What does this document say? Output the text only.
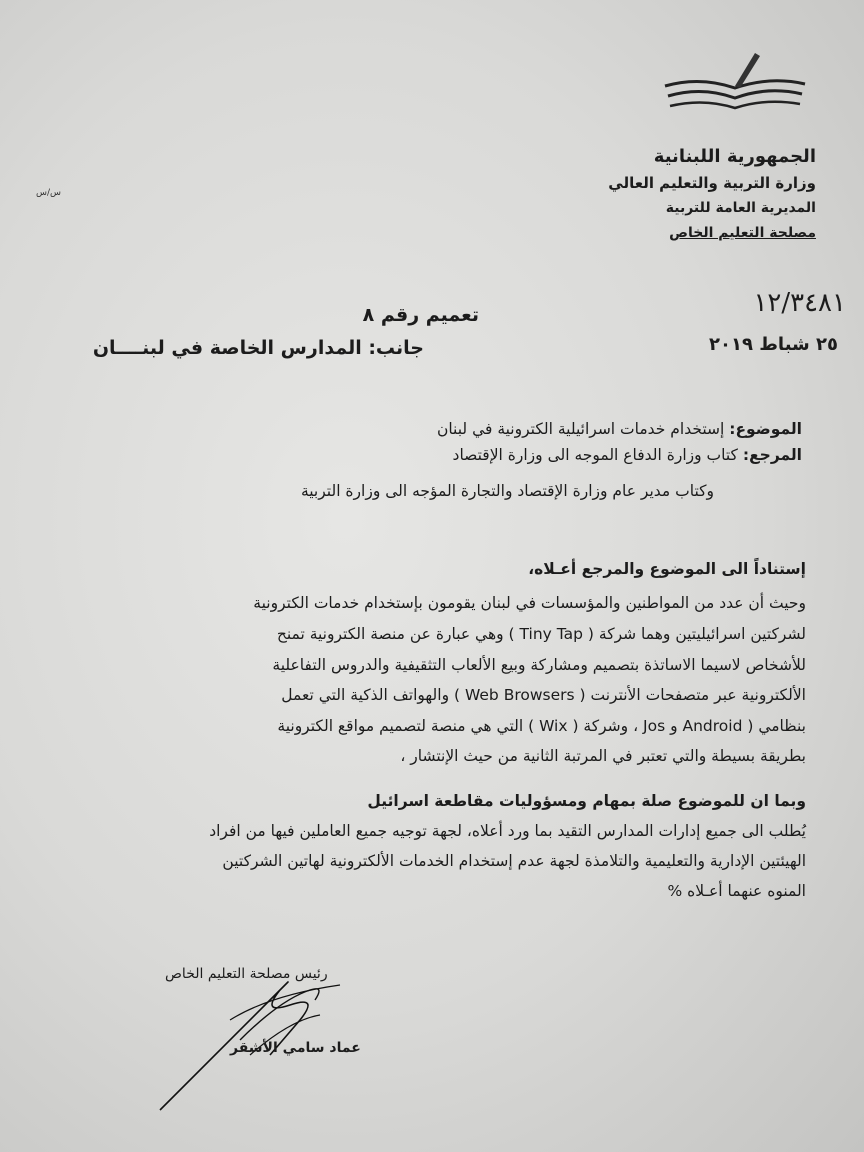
س/س
الجمهورية اللبنانية
وزارة التربية والتعليم العالي
المديرية العامة للتربية
مصلحة التعليم الخاص
١٢/٣٤٨١
٢٥ شباط ٢٠١٩
تعميم رقم ٨
جانب: المدارس الخاصة في لبنــــان
الموضوع: إستخدام خدمات اسرائيلية الكترونية في لبنان
المرجع: كتاب وزارة الدفاع الموجه الى وزارة الإقتصاد
وكتاب مدير عام وزارة الإقتصاد والتجارة المؤجه الى وزارة التربية
إستناداً الى الموضوع والمرجع أعـلاه،
وحيث أن عدد من المواطنين والمؤسسات في لبنان يقومون بإستخدام خدمات الكترونية
لشركتين اسرائيليتين وهما شركة ( Tiny Tap ) وهي عبارة عن منصة الكترونية تمنح
للأشخاص لاسيما الاساتذة بتصميم ومشاركة وبيع الألعاب التثقيفية والدروس التفاعلية
الألكترونية عبر متصفحات الأنترنت ( Web Browsers ) والهواتف الذكية التي تعمل
بنظامي ( Android و Jos ، وشركة ( Wix ) التي هي منصة لتصميم مواقع الكترونية
بطريقة بسيطة والتي تعتبر في المرتبة الثانية من حيث الإنتشار ،
وبما ان للموضوع صلة بمهام ومسؤوليات مقاطعة اسرائيل
يُطلب الى جميع إدارات المدارس التقيد بما ورد أعلاه، لجهة توجيه جميع العاملين فيها من افراد
الهيئتين الإدارية والتعليمية والتلامذة لجهة عدم إستخدام الخدمات الألكترونية لهاتين الشركتين
المنوه عنهما أعـلاه %
رئيس مصلحة التعليم الخاص
عماد سامي الأشقر
